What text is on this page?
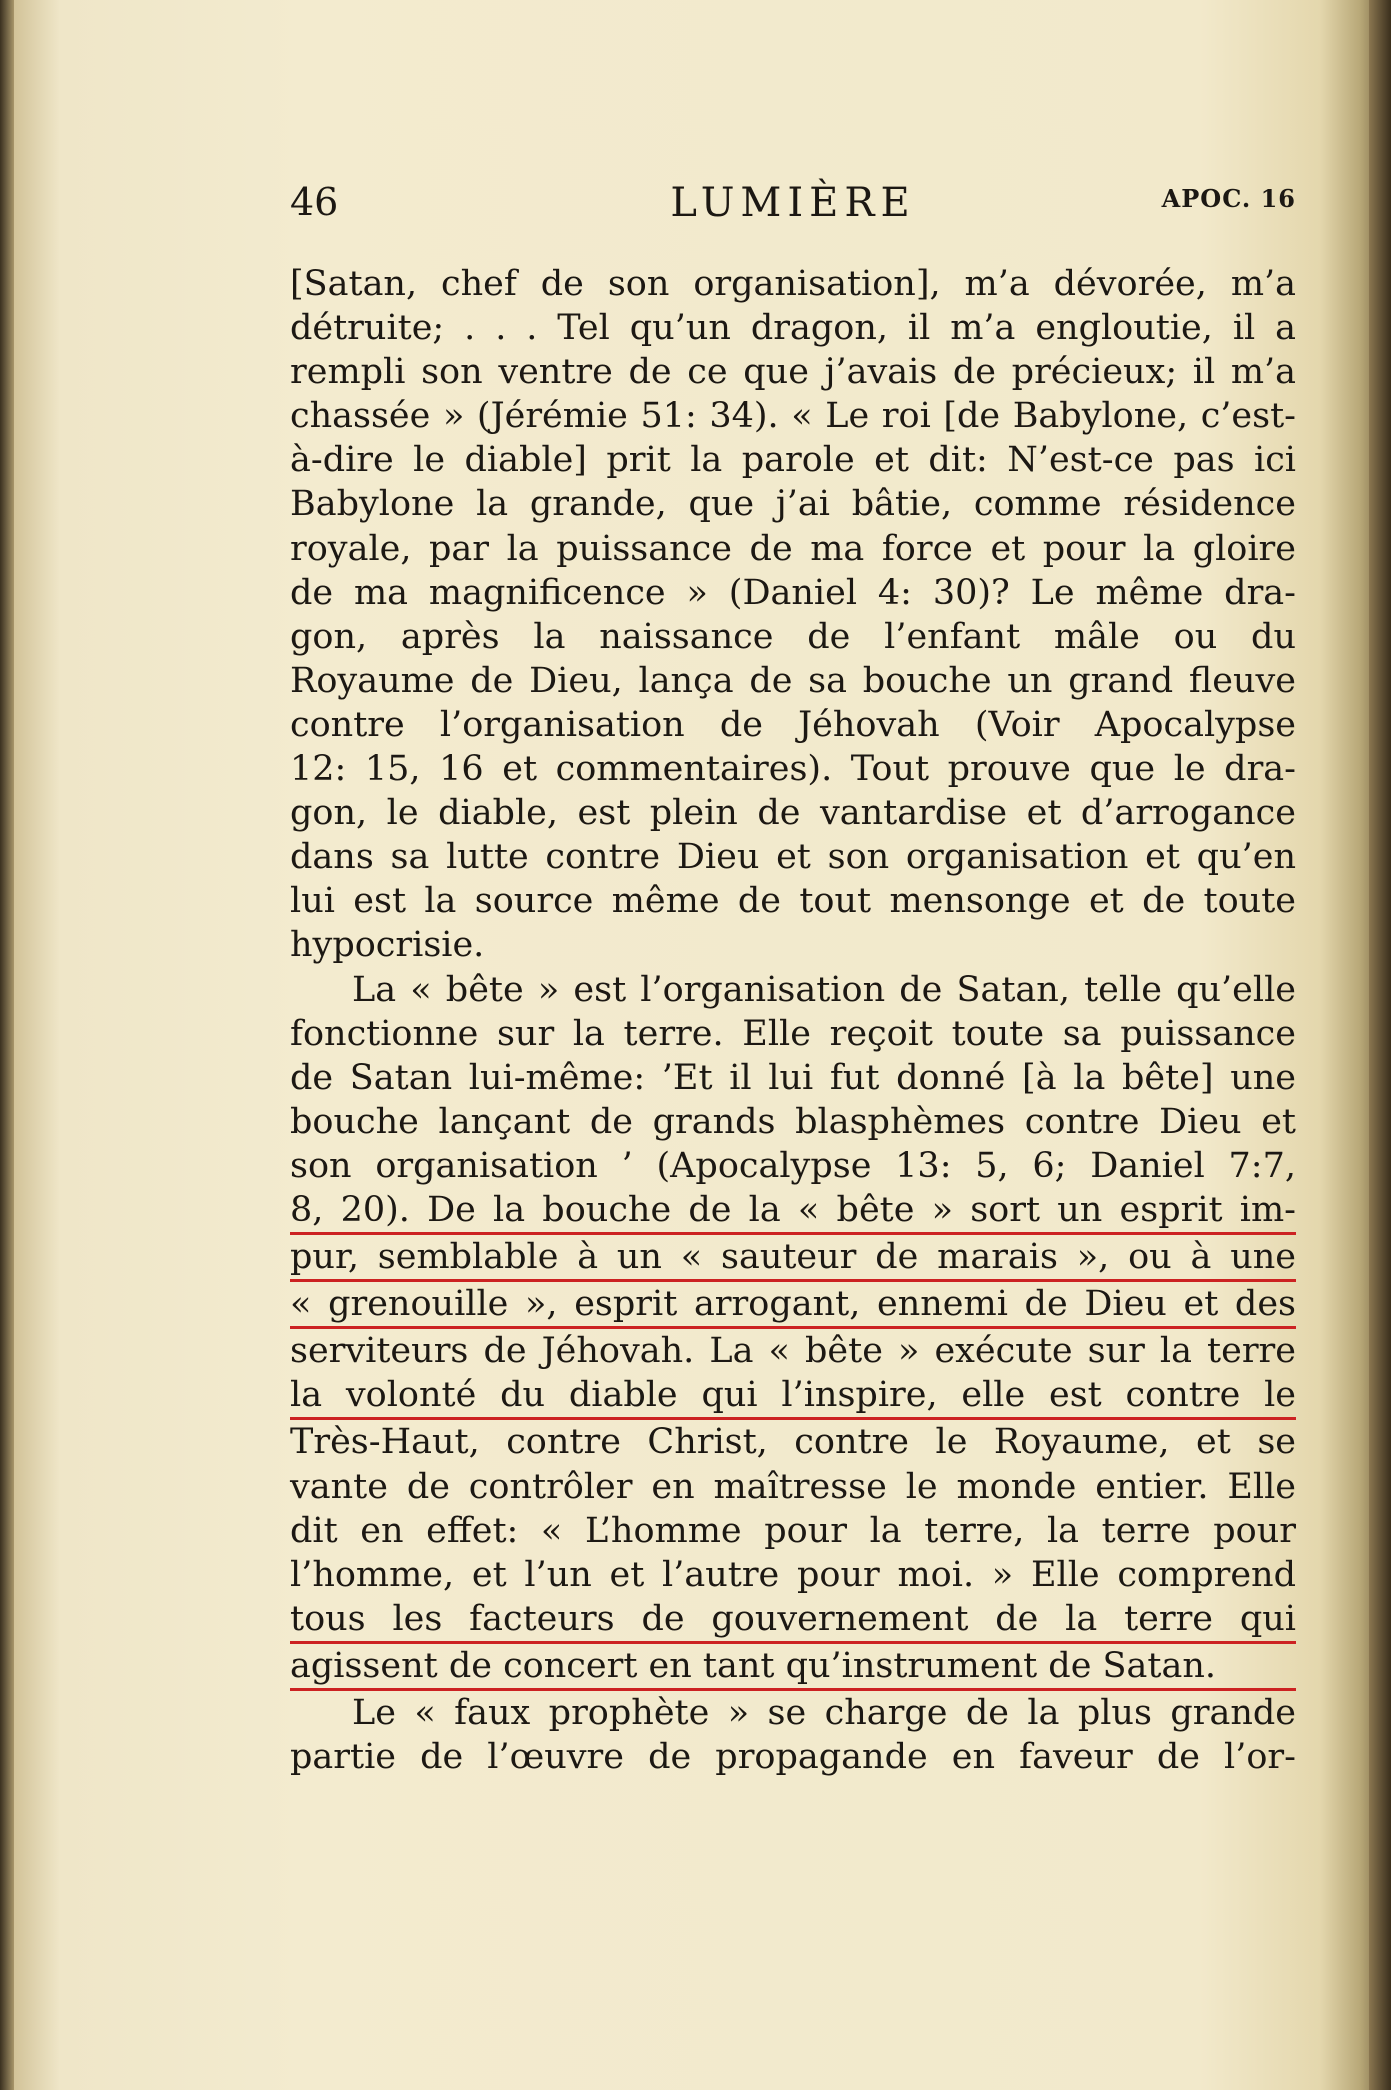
46	LUMIÈRE	APOC. 16
[Satan, chef de son organisation], m’a dévorée, m’a
détruite; . . . Tel qu’un dragon, il m’a engloutie, il a
rempli son ventre de ce que j’avais de précieux; il m’a
chassée » (Jérémie 51: 34). « Le roi [de Babylone, c’est-
à-dire le diable] prit la parole et dit: N’est-ce pas ici
Babylone la grande, que j’ai bâtie, comme résidence
royale, par la puissance de ma force et pour la gloire
de ma magnificence » (Daniel 4: 30)? Le même dra-
gon, après la naissance de l’enfant mâle ou du
Royaume de Dieu, lança de sa bouche un grand fleuve
contre l’organisation de Jéhovah (Voir Apocalypse
12: 15, 16 et commentaires). Tout prouve que le dra-
gon, le diable, est plein de vantardise et d’arrogance
dans sa lutte contre Dieu et son organisation et qu’en
lui est la source même de tout mensonge et de toute
hypocrisie.
La « bête » est l’organisation de Satan, telle qu’elle
fonctionne sur la terre. Elle reçoit toute sa puissance
de Satan lui-même: ’Et il lui fut donné [à la bête] une
bouche lançant de grands blasphèmes contre Dieu et
son organisation ’ (Apocalypse 13: 5, 6; Daniel 7:7,
8, 20). De la bouche de la « bête » sort un esprit im-
pur, semblable à un « sauteur de marais », ou à une
« grenouille », esprit arrogant, ennemi de Dieu et des
serviteurs de Jéhovah. La « bête » exécute sur la terre
la volonté du diable qui l’inspire, elle est contre le
Très-Haut, contre Christ, contre le Royaume, et se
vante de contrôler en maîtresse le monde entier. Elle
dit en effet: « L’homme pour la terre, la terre pour
l’homme, et l’un et l’autre pour moi. » Elle comprend
tous les facteurs de gouvernement de la terre qui
agissent de concert en tant qu’instrument de Satan.
Le « faux prophète » se charge de la plus grande
partie de l’œuvre de propagande en faveur de l’or-
